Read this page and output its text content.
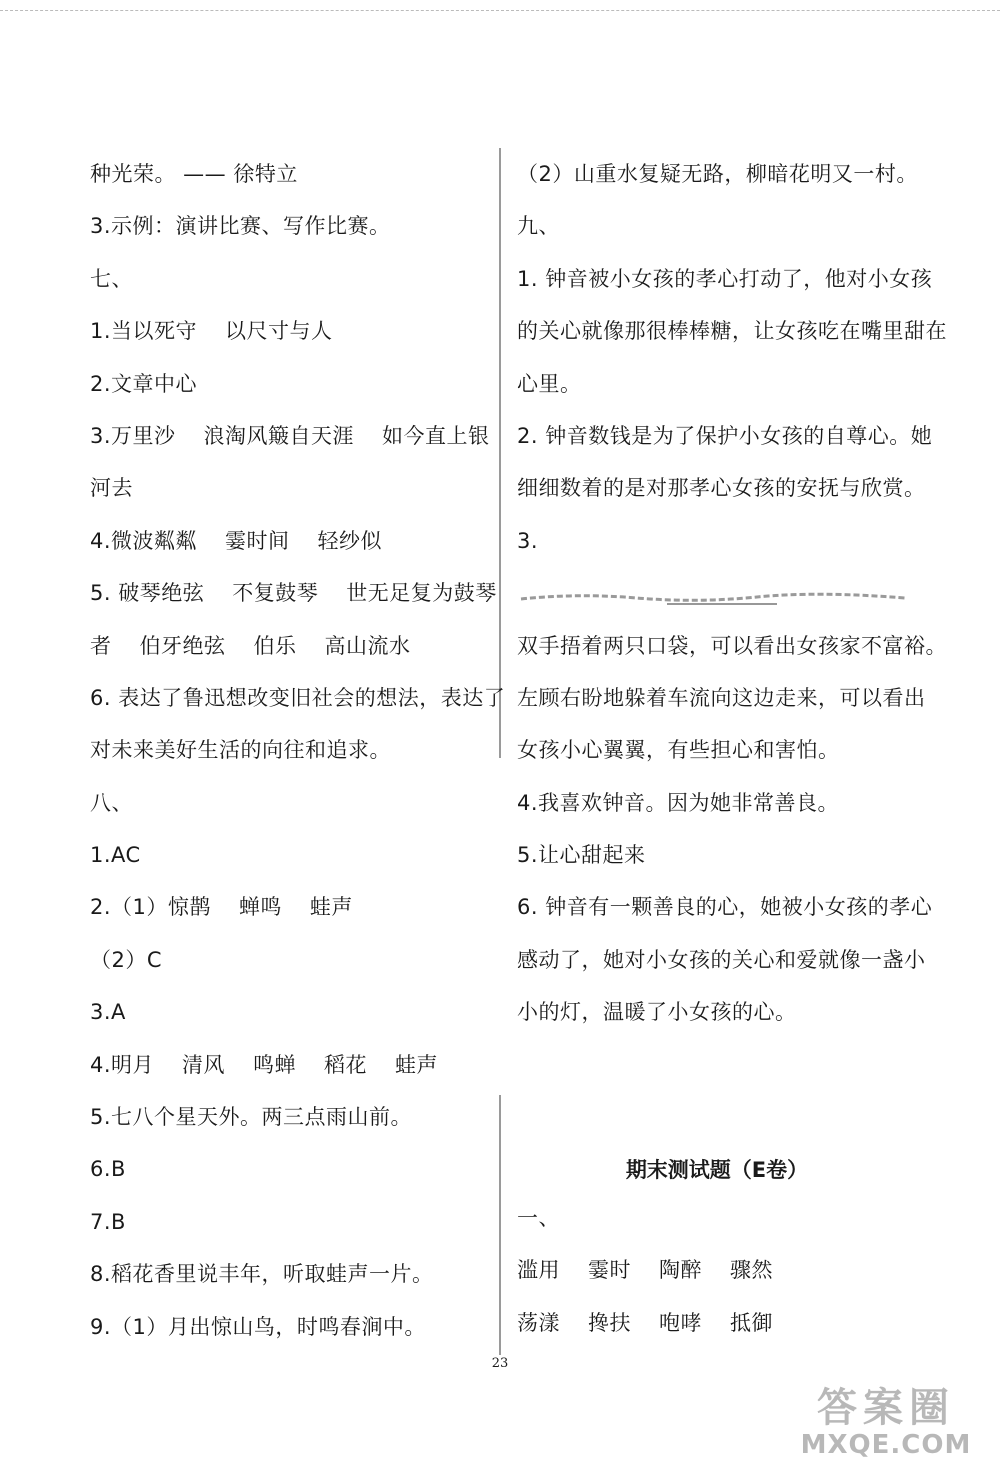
种光荣。 —— 徐特立
3.示例：演讲比赛、写作比赛。
七、
1.当以死守 以尺寸与人
2.文章中心
3.万里沙 浪淘风簸自天涯 如今直上银
河去
4.微波粼粼 霎时间 轻纱似
5. 破琴绝弦 不复鼓琴 世无足复为鼓琴
者 伯牙绝弦 伯乐 高山流水
6. 表达了鲁迅想改变旧社会的想法，表达了
对未来美好生活的向往和追求。
八、
1.AC
2.（1）惊鹊 蝉鸣 蛙声
（2）C
3.A
4.明月 清风 鸣蝉 稻花 蛙声
5.七八个星天外。两三点雨山前。
6.B
7.B
8.稻花香里说丰年，听取蛙声一片。
9.（1）月出惊山鸟，时鸣春涧中。
（2）山重水复疑无路，柳暗花明又一村。
九、
1. 钟音被小女孩的孝心打动了，他对小女孩
的关心就像那很棒棒糖，让女孩吃在嘴里甜在
心里。
2. 钟音数钱是为了保护小女孩的自尊心。她
细细数着的是对那孝心女孩的安抚与欣赏。
3.
双手捂着两只口袋，可以看出女孩家不富裕。
左顾右盼地躲着车流向这边走来，可以看出
女孩小心翼翼，有些担心和害怕。
4.我喜欢钟音。因为她非常善良。
5.让心甜起来
6. 钟音有一颗善良的心，她被小女孩的孝心
感动了，她对小女孩的关心和爱就像一盏小
小的灯，温暖了小女孩的心。
期末测试题（E卷）
一、
滥用 霎时 陶醉 骤然
荡漾 搀扶 咆哮 抵御
23
答案圈
MXQE.COM
